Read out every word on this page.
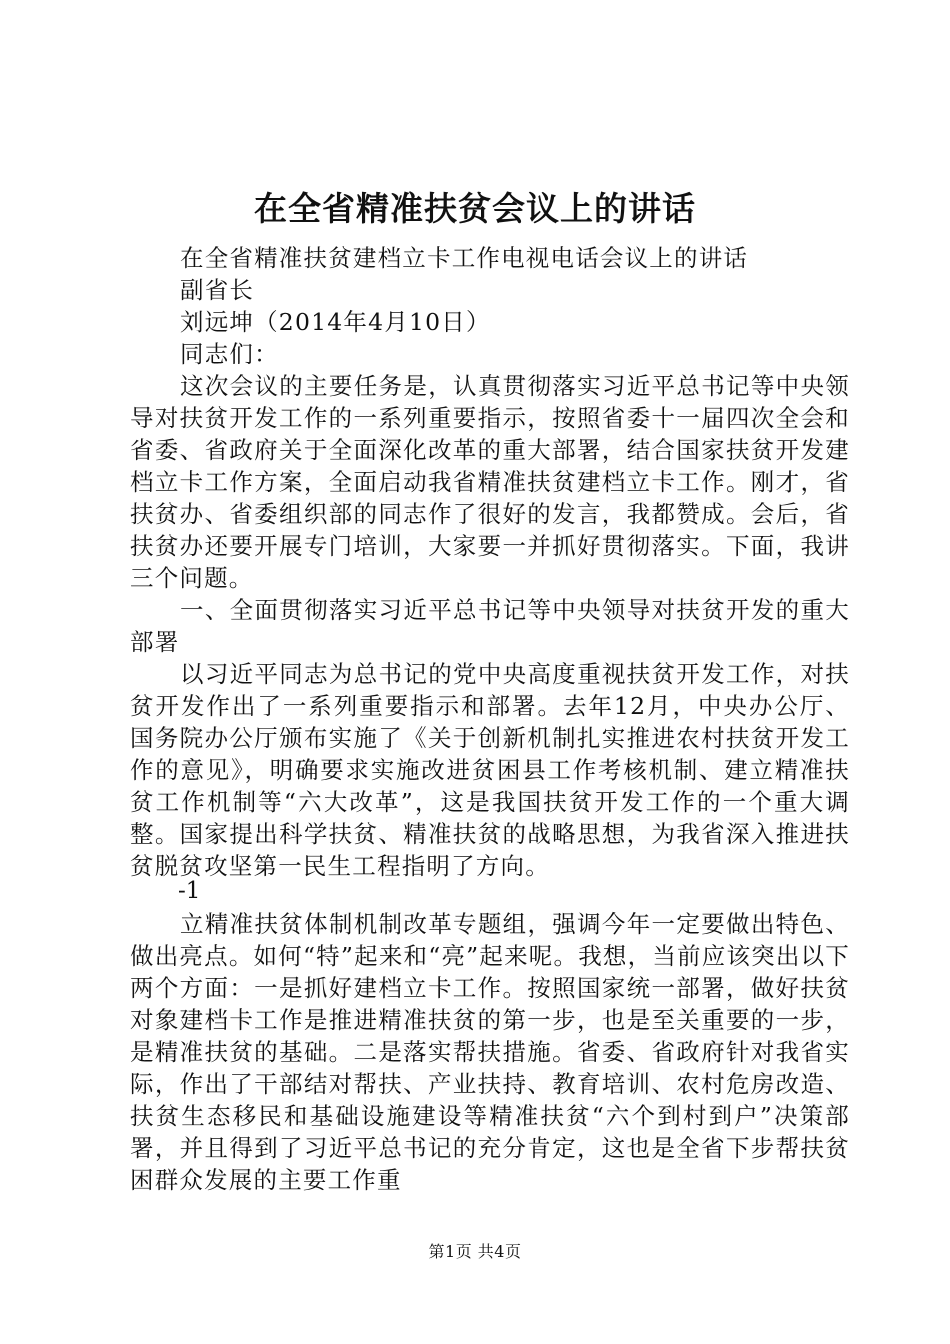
在全省精准扶贫会议上的讲话

在全省精准扶贫建档立卡工作电视电话会议上的讲话

副省长

刘远坤（2014年4月10日）

同志们：

这次会议的主要任务是，认真贯彻落实习近平总书记等中央领导对扶贫开发工作的一系列重要指示，按照省委十一届四次全会和省委、省政府关于全面深化改革的重大部署，结合国家扶贫开发建档立卡工作方案，全面启动我省精准扶贫建档立卡工作。刚才，省扶贫办、省委组织部的同志作了很好的发言，我都赞成。会后，省扶贫办还要开展专门培训，大家要一并抓好贯彻落实。下面，我讲三个问题。

一、全面贯彻落实习近平总书记等中央领导对扶贫开发的重大部署

以习近平同志为总书记的党中央高度重视扶贫开发工作，对扶贫开发作出了一系列重要指示和部署。去年12月，中央办公厅、国务院办公厅颁布实施了《关于创新机制扎实推进农村扶贫开发工作的意见》，明确要求实施改进贫困县工作考核机制、建立精准扶贫工作机制等“六大改革”，这是我国扶贫开发工作的一个重大调整。国家提出科学扶贫、精准扶贫的战略思想，为我省深入推进扶贫脱贫攻坚第一民生工程指明了方向。

-1

立精准扶贫体制机制改革专题组，强调今年一定要做出特色、做出亮点。如何“特”起来和“亮”起来呢。我想，当前应该突出以下两个方面：一是抓好建档立卡工作。按照国家统一部署，做好扶贫对象建档卡工作是推进精准扶贫的第一步，也是至关重要的一步，是精准扶贫的基础。二是落实帮扶措施。省委、省政府针对我省实际，作出了干部结对帮扶、产业扶持、教育培训、农村危房改造、扶贫生态移民和基础设施建设等精准扶贫“六个到村到户”决策部署，并且得到了习近平总书记的充分肯定，这也是全省下步帮扶贫困群众发展的主要工作重

第1页 共4页
